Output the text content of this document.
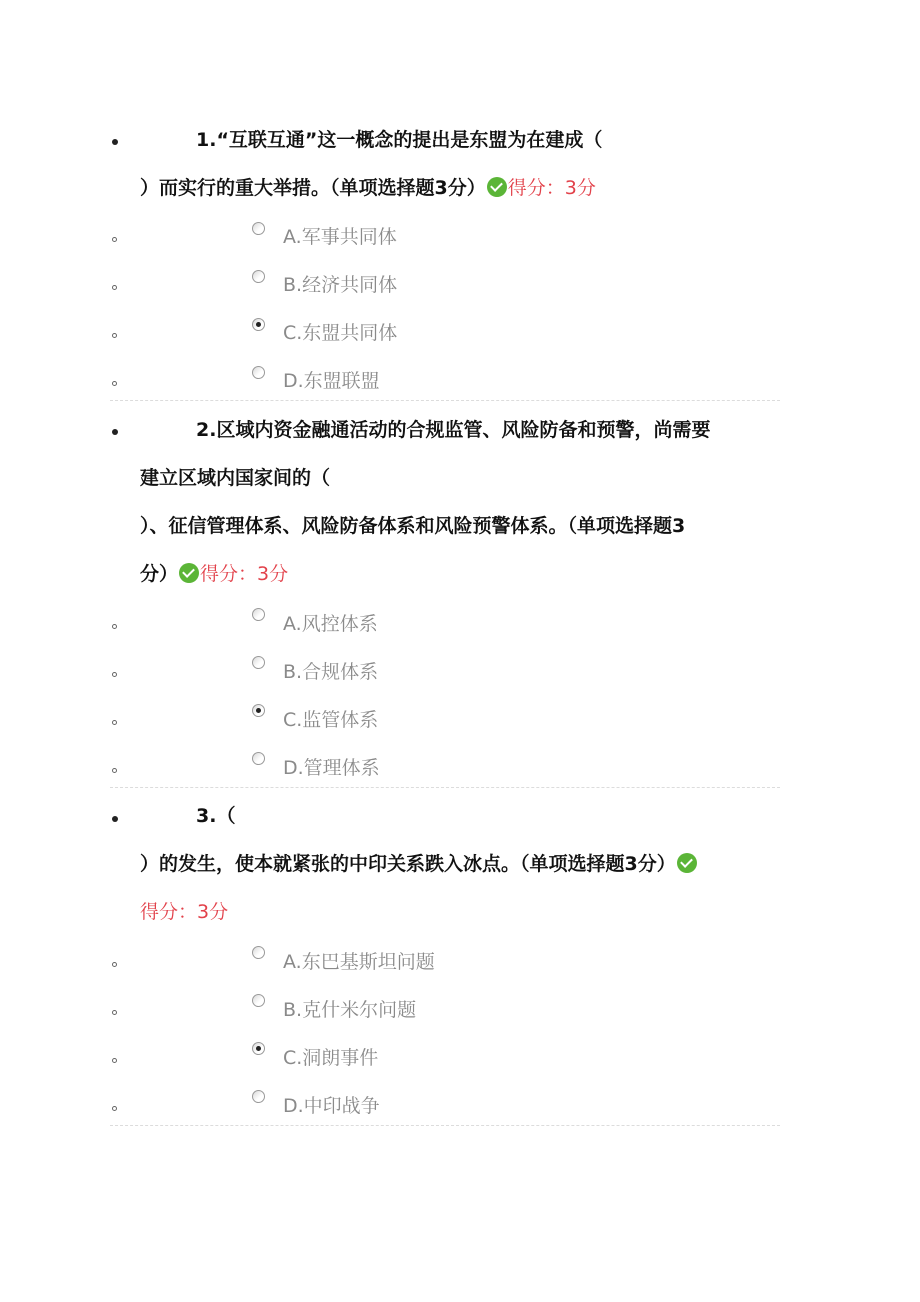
1.“互联互通”这一概念的提出是东盟为在建成（
）而实行的重大举措。（单项选择题3分） 得分：3分
A.军事共同体
B.经济共同体
C.东盟共同体
D.东盟联盟
2.区域内资金融通活动的合规监管、风险防备和预警，尚需要
建立区域内国家间的（
）、征信管理体系、风险防备体系和风险预警体系。（单项选择题3
分） 得分：3分
A.风控体系
B.合规体系
C.监管体系
D.管理体系
3.（
）的发生，使本就紧张的中印关系跌入冰点。（单项选择题3分）
得分：3分
A.东巴基斯坦问题
B.克什米尔问题
C.洞朗事件
D.中印战争
